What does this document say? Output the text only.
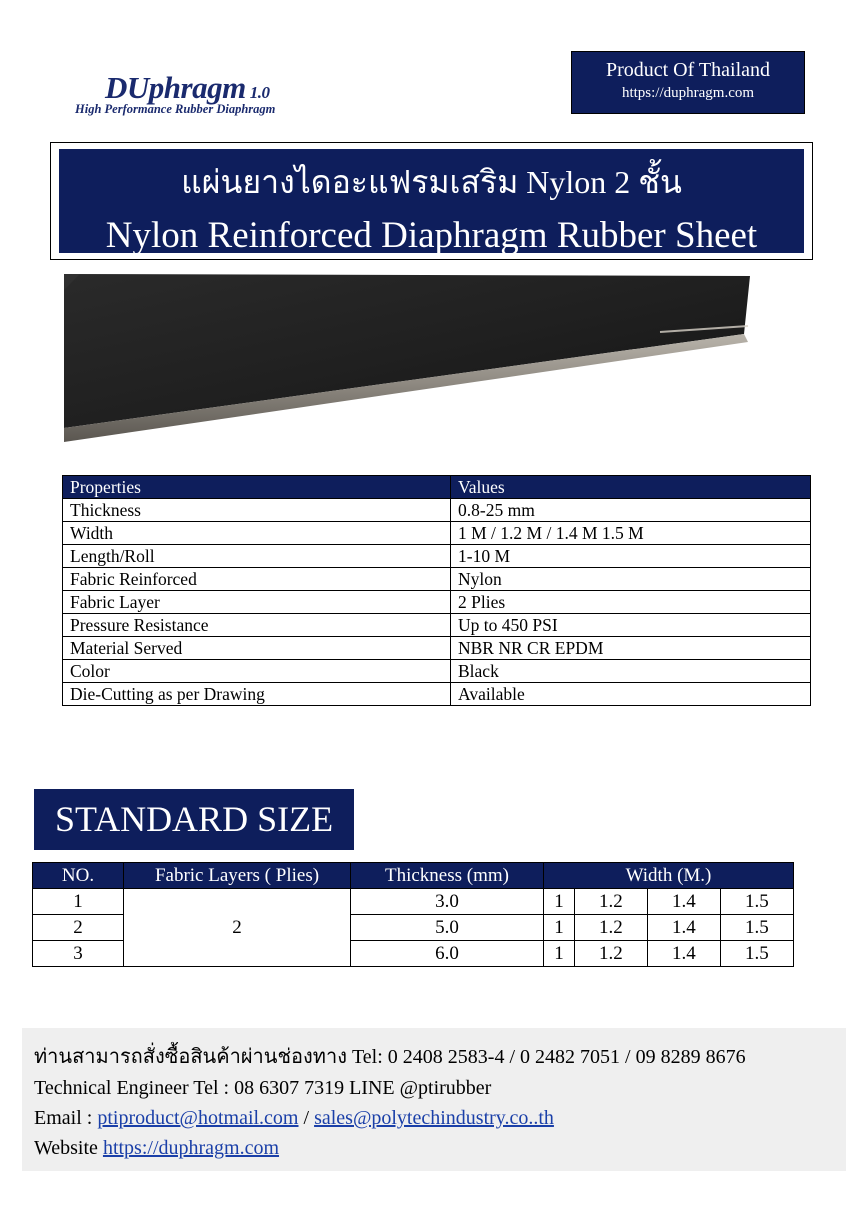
DUphragm 1.0
High Performance Rubber Diaphragm
Product Of Thailand
https://duphragm.com
แผ่นยางไดอะแฟรมเสริม Nylon 2 ชั้น
Nylon Reinforced Diaphragm Rubber Sheet
Properties	Values
Thickness	0.8-25 mm
Width	1 M / 1.2 M / 1.4 M 1.5 M
Length/Roll	1-10 M
Fabric Reinforced	Nylon
Fabric Layer	2 Plies
Pressure Resistance	Up to 450 PSI
Material Served	NBR NR CR EPDM
Color	Black
Die-Cutting as per Drawing	Available
STANDARD SIZE
NO.	Fabric Layers ( Plies)	Thickness (mm)	Width (M.)			
1	2	3.0	1	1.2	1.4	1.5
2		5.0	1	1.2	1.4	1.5
3		6.0	1	1.2	1.4	1.5
ท่านสามารถสั่งซื้อสินค้าผ่านช่องทาง Tel: 0 2408 2583-4 / 0 2482 7051 / 09 8289 8676
Technical Engineer Tel : 08 6307 7319 LINE @ptirubber
Email : ptiproduct@hotmail.com / sales@polytechindustry.co..th
Website https://duphragm.com
